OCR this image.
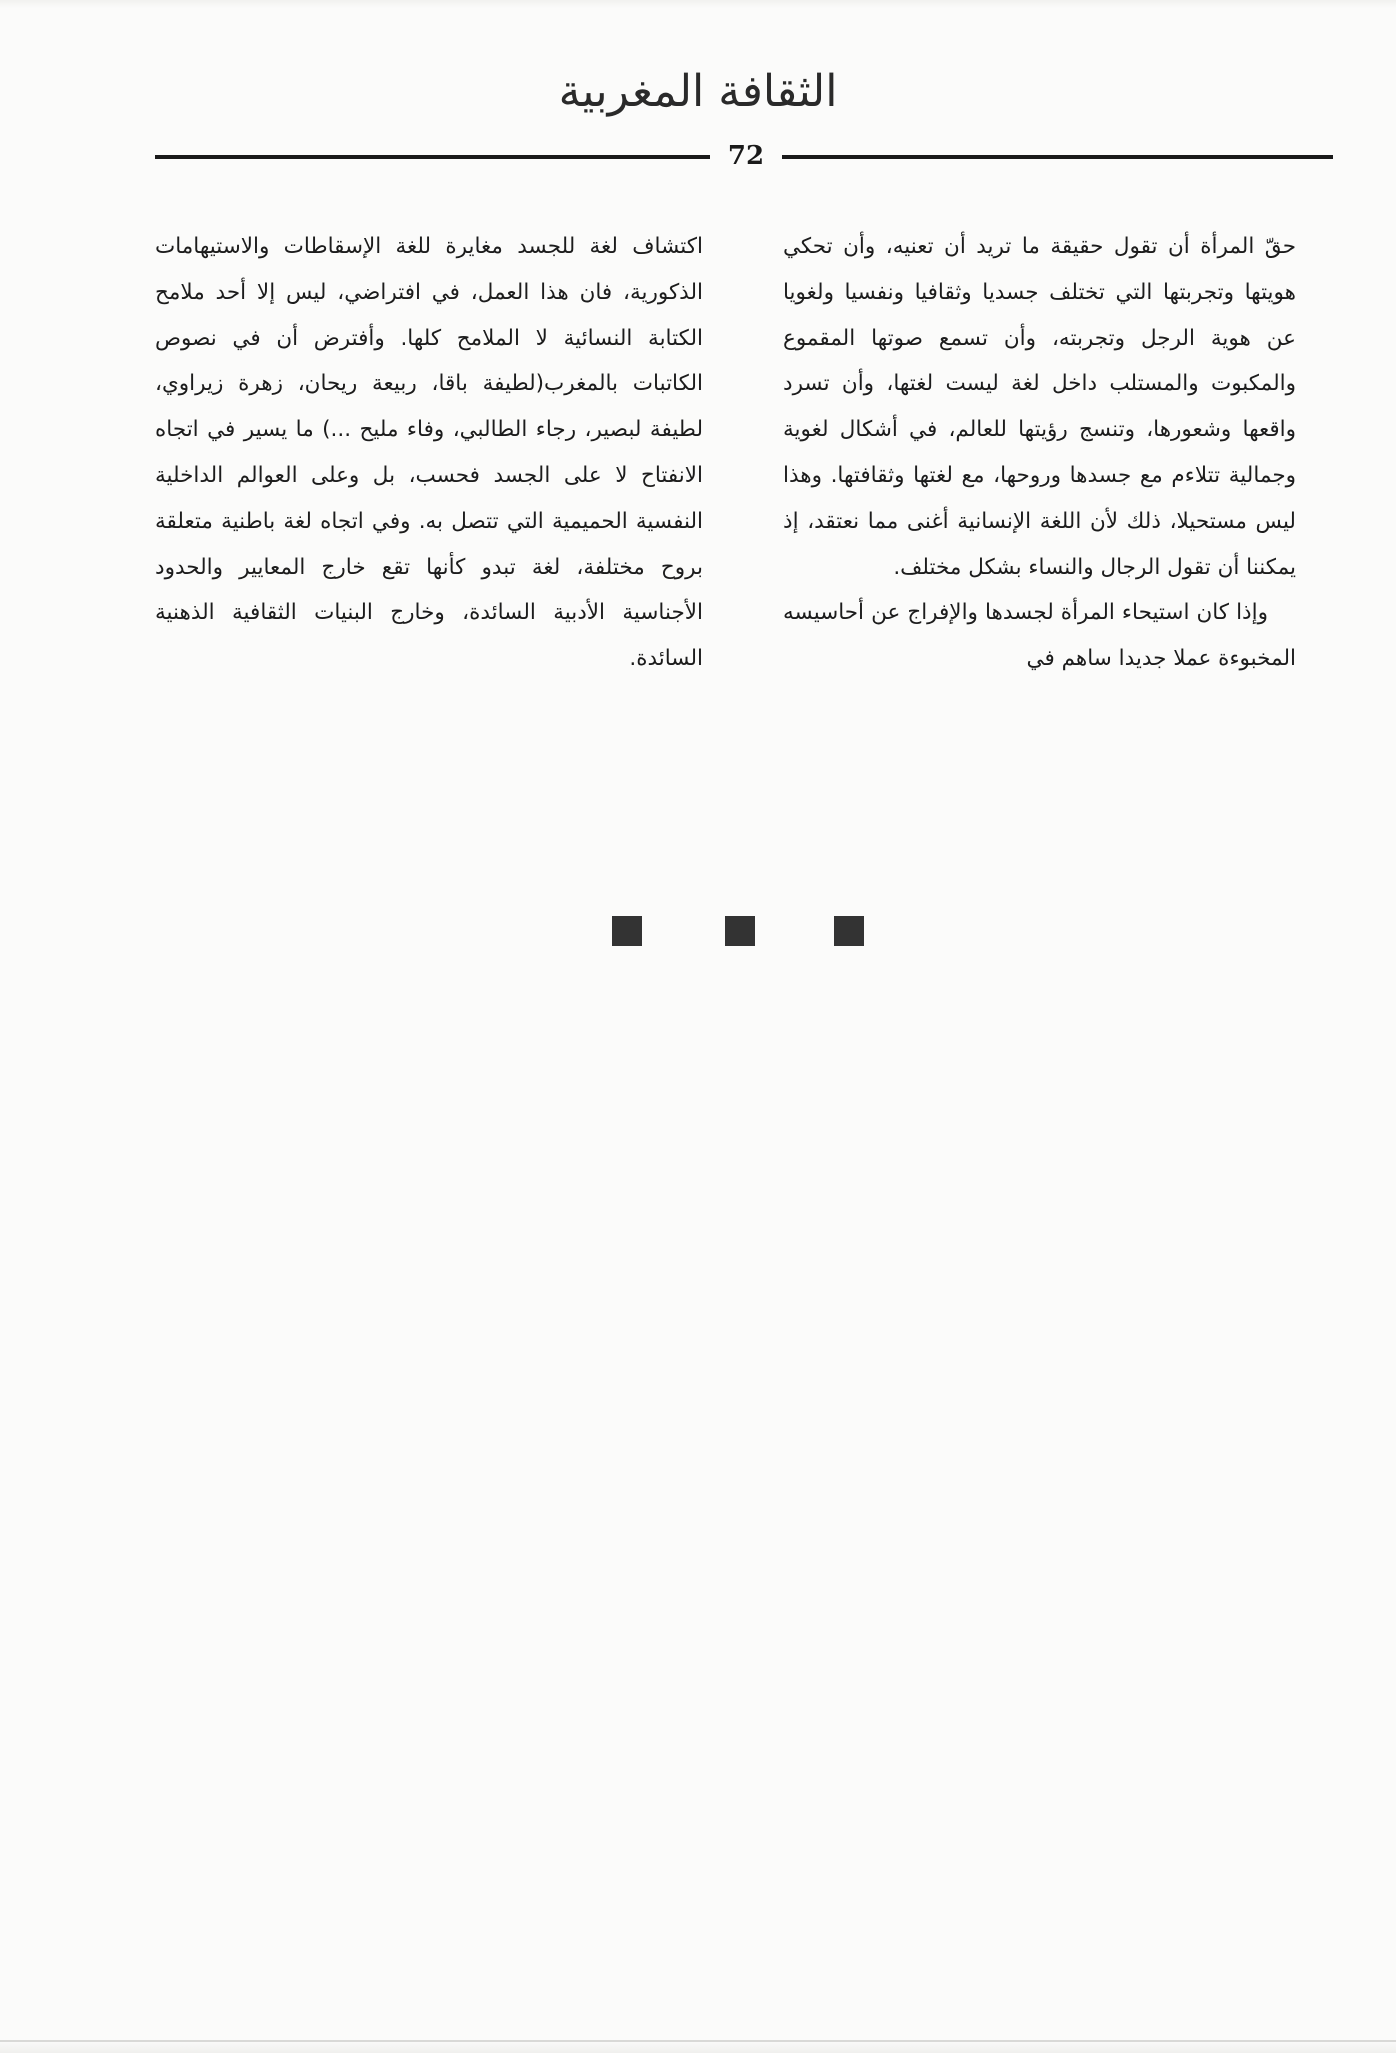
الثقافة المغربية
72

حقّ المرأة أن تقول حقيقة ما تريد أن تعنيه، وأن تحكي هويتها وتجربتها التي تختلف جسديا وثقافيا ونفسيا ولغويا عن هوية الرجل وتجربته، وأن تسمع صوتها المقموع والمكبوت والمستلب داخل لغة ليست لغتها، وأن تسرد واقعها وشعورها، وتنسج رؤيتها للعالم، في أشكال لغوية وجمالية تتلاءم مع جسدها وروحها، مع لغتها وثقافتها. وهذا ليس مستحيلا، ذلك لأن اللغة الإنسانية أغنى مما نعتقد، إذ يمكننا أن تقول الرجال والنساء بشكل مختلف.

وإذا كان استيحاء المرأة لجسدها والإفراج عن أحاسيسه المخبوءة عملا جديدا ساهم في

اكتشاف لغة للجسد مغايرة للغة الإسقاطات والاستيهامات الذكورية، فان هذا العمل، في افتراضي، ليس إلا أحد ملامح الكتابة النسائية لا الملامح كلها. وأفترض أن في نصوص الكاتبات بالمغرب(لطيفة باقا، ربيعة ريحان، زهرة زيراوي، لطيفة لبصير، رجاء الطالبي، وفاء مليح ...) ما يسير في اتجاه الانفتاح لا على الجسد فحسب، بل وعلى العوالم الداخلية النفسية الحميمية التي تتصل به. وفي اتجاه لغة باطنية متعلقة بروح مختلفة، لغة تبدو كأنها تقع خارج المعايير والحدود الأجناسية الأدبية السائدة، وخارج البنيات الثقافية الذهنية السائدة.
